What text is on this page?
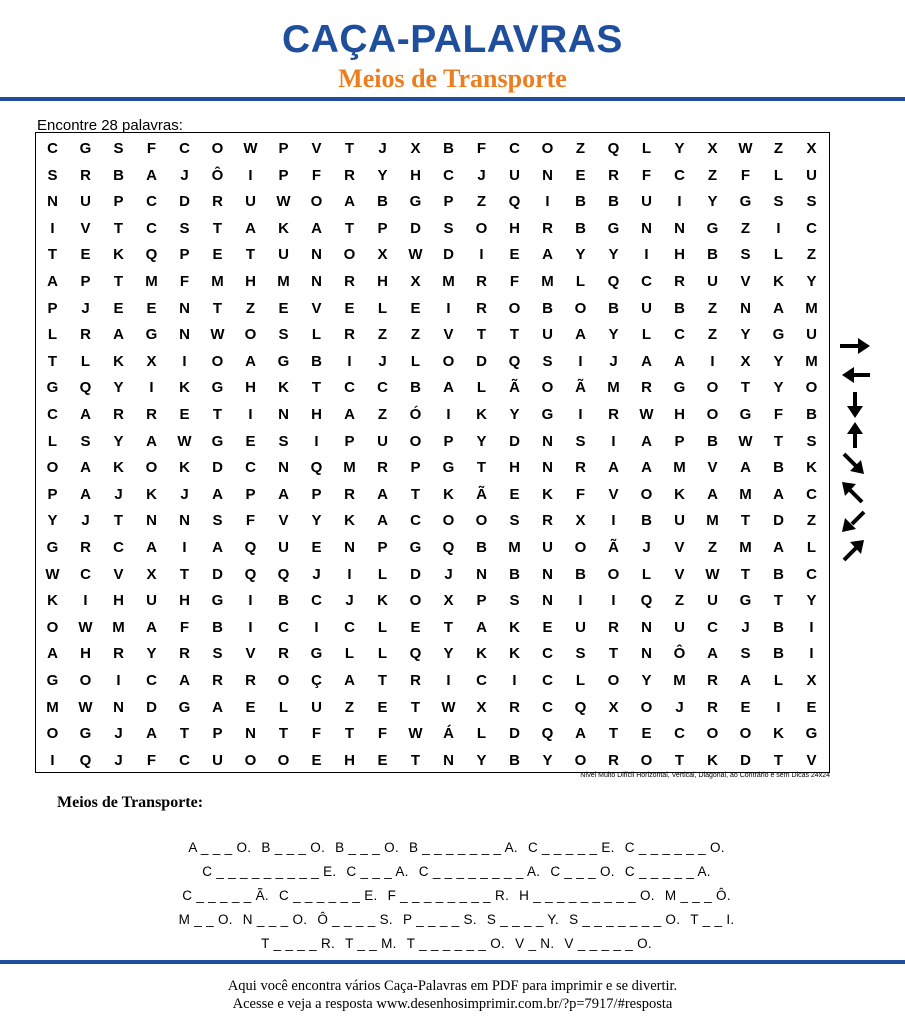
CAÇA-PALAVRAS
Meios de Transporte
Encontre 28 palavras:
C	G	S	F	C	O	W	P	V	T	J	X	B	F	C	O	Z	Q	L	Y	X	W	Z	X
S	R	B	A	J	Ô	I	P	F	R	Y	H	C	J	U	N	E	R	F	C	Z	F	L	U
N	U	P	C	D	R	U	W	O	A	B	G	P	Z	Q	I	B	B	U	I	Y	G	S	S
I	V	T	C	S	T	A	K	A	T	P	D	S	O	H	R	B	G	N	N	G	Z	I	C
T	E	K	Q	P	E	T	U	N	O	X	W	D	I	E	A	Y	Y	I	H	B	S	L	Z
A	P	T	M	F	M	H	M	N	R	H	X	M	R	F	M	L	Q	C	R	U	V	K	Y
P	J	E	E	N	T	Z	E	V	E	L	E	I	R	O	B	O	B	U	B	Z	N	A	M
L	R	A	G	N	W	O	S	L	R	Z	Z	V	T	T	U	A	Y	L	C	Z	Y	G	U
T	L	K	X	I	O	A	G	B	I	J	L	O	D	Q	S	I	J	A	A	I	X	Y	M
G	Q	Y	I	K	G	H	K	T	C	C	B	A	L	Ã	O	Ã	M	R	G	O	T	Y	O
C	A	R	R	E	T	I	N	H	A	Z	Ó	I	K	Y	G	I	R	W	H	O	G	F	B
L	S	Y	A	W	G	E	S	I	P	U	O	P	Y	D	N	S	I	A	P	B	W	T	S
O	A	K	O	K	D	C	N	Q	M	R	P	G	T	H	N	R	A	A	M	V	A	B	K
P	A	J	K	J	A	P	A	P	R	A	T	K	Ã	E	K	F	V	O	K	A	M	A	C
Y	J	T	N	N	S	F	V	Y	K	A	C	O	O	S	R	X	I	B	U	M	T	D	Z
G	R	C	A	I	A	Q	U	E	N	P	G	Q	B	M	U	O	Ã	J	V	Z	M	A	L
W	C	V	X	T	D	Q	Q	J	I	L	D	J	N	B	N	B	O	L	V	W	T	B	C
K	I	H	U	H	G	I	B	C	J	K	O	X	P	S	N	I	I	Q	Z	U	G	T	Y
O	W	M	A	F	B	I	C	I	C	L	E	T	A	K	E	U	R	N	U	C	J	B	I
A	H	R	Y	R	S	V	R	G	L	L	Q	Y	K	K	C	S	T	N	Ô	A	S	B	I
G	O	I	C	A	R	R	O	Ç	A	T	R	I	C	I	C	L	O	Y	M	R	A	L	X
M	W	N	D	G	A	E	L	U	Z	E	T	W	X	R	C	Q	X	O	J	R	E	I	E
O	G	J	A	T	P	N	T	F	T	F	W	Á	L	D	Q	A	T	E	C	O	O	K	G
I	Q	J	F	C	U	O	O	E	H	E	T	N	Y	B	Y	O	R	O	T	K	D	T	V
Nível Muito Difícil Horizontal, Vertical, Diagonal, ao Contrário e sem Dicas 24x24
Meios de Transporte:

A _ _ _ O. B _ _ _ O. B _ _ _ O. B _ _ _ _ _ _ _ A. C _ _ _ _ _ E. C _ _ _ _ _ _ O.

C _ _ _ _ _ _ _ _ _ E. C _ _ _ A. C _ _ _ _ _ _ _ _ A. C _ _ _ O. C _ _ _ _ _ A.

C _ _ _ _ _ Ã. C _ _ _ _ _ _ E. F _ _ _ _ _ _ _ _ R. H _ _ _ _ _ _ _ _ _ O. M _ _ _ Ô.

M _ _ O. N _ _ _ O. Ô _ _ _ _ S. P _ _ _ _ S. S _ _ _ _ Y. S _ _ _ _ _ _ _ O. T _ _ I.

T _ _ _ _ R. T _ _ M. T _ _ _ _ _ _ O. V _ N. V _ _ _ _ _ O.

Aqui você encontra vários Caça-Palavras em PDF para imprimir e se divertir.
Acesse e veja a resposta www.desenhosimprimir.com.br/?p=7917/#resposta
